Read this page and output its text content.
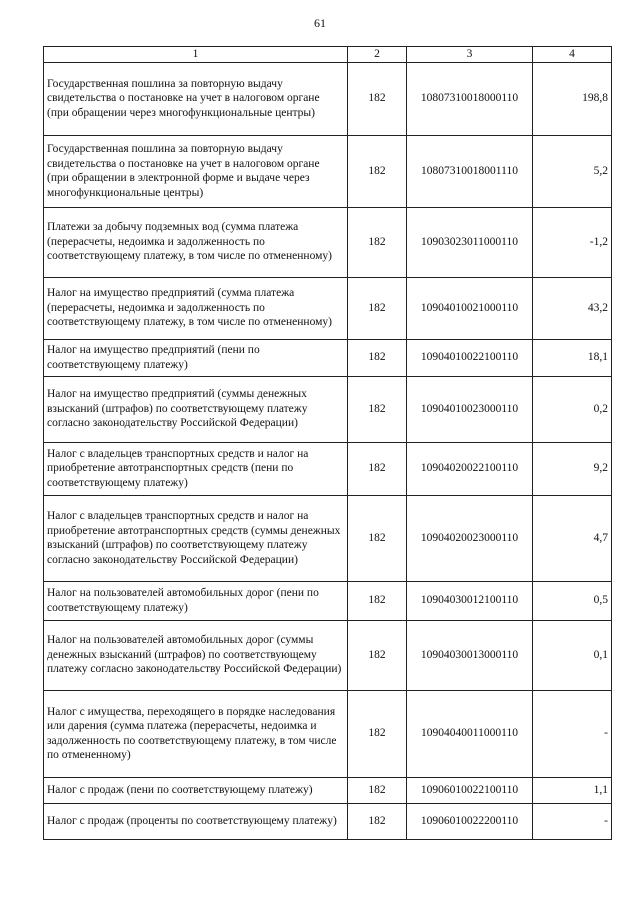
61
1	2	3	4
Государственная пошлина за повторную выдачу свидетельства о постановке на учет в налоговом органе (при обращении через многофункциональные центры)	182	10807310018000110	198,8
Государственная пошлина за повторную выдачу свидетельства о постановке на учет в налоговом органе (при обращении в электронной форме и выдаче через многофункциональные центры)	182	10807310018001110	5,2
Платежи за добычу подземных вод (сумма платежа (перерасчеты, недоимка и задолженность по соответствующему платежу, в том числе по отмененному)	182	10903023011000110	-1,2
Налог на имущество предприятий (сумма платежа (перерасчеты, недоимка и задолженность по соответствующему платежу, в том числе по отмененному)	182	10904010021000110	43,2
Налог на имущество предприятий (пени по соответствующему платежу)	182	10904010022100110	18,1
Налог на имущество предприятий (суммы денежных взысканий (штрафов) по соответствующему платежу согласно законодательству Российской Федерации)	182	10904010023000110	0,2
Налог с владельцев транспортных средств и налог на приобретение автотранспортных средств (пени по соответствующему платежу)	182	10904020022100110	9,2
Налог с владельцев транспортных средств и налог на приобретение автотранспортных средств (суммы денежных взысканий (штрафов) по соответствующему платежу согласно законодательству Российской Федерации)	182	10904020023000110	4,7
Налог на пользователей автомобильных дорог (пени по соответствующему платежу)	182	10904030012100110	0,5
Налог на пользователей автомобильных дорог (суммы денежных взысканий (штрафов) по соответствующему платежу согласно законодательству Российской Федерации)	182	10904030013000110	0,1
Налог с имущества, переходящего в порядке наследования или дарения (сумма платежа (перерасчеты, недоимка и задолженность по соответствующему платежу, в том числе по отмененному)	182	10904040011000110	-
Налог с продаж (пени по соответствующему платежу)	182	10906010022100110	1,1
Налог с продаж (проценты по соответствующему платежу)	182	10906010022200110	-
